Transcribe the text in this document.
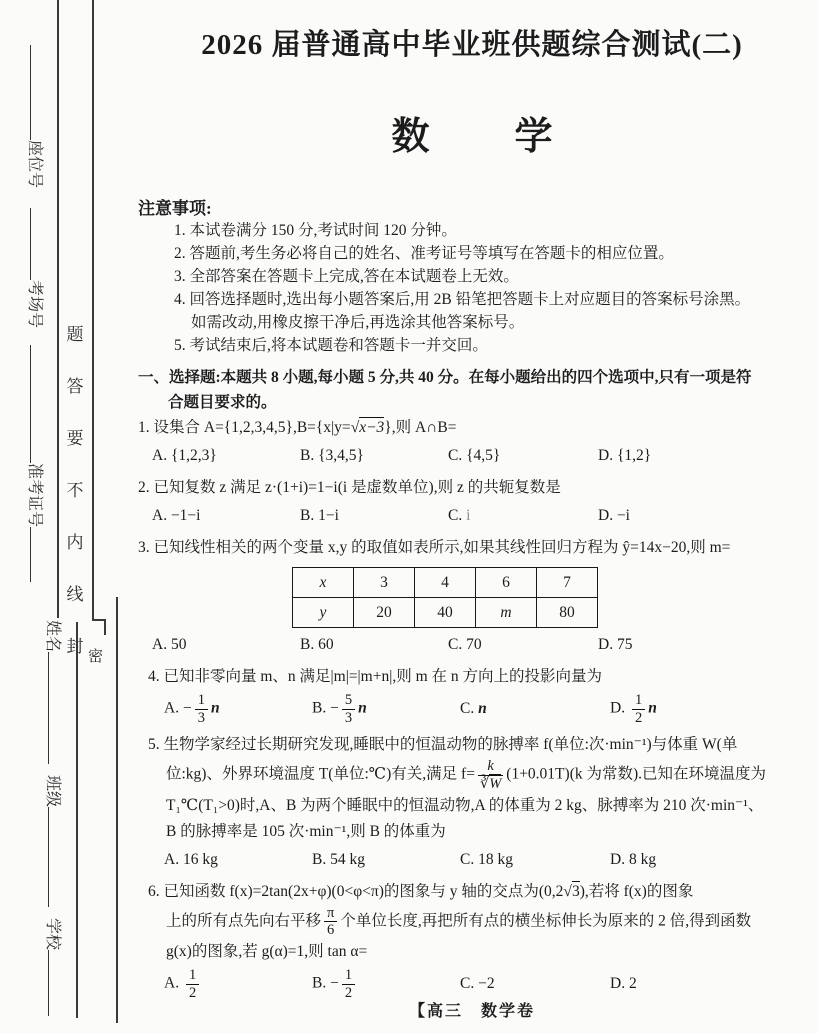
题
答
要
不
内
线
封
密
座位号
考场号
准考证号
姓名
班级
学校
2026 届普通高中毕业班供题综合测试(二)
数学
注意事项:
1. 本试卷满分 150 分,考试时间 120 分钟。
2. 答题前,考生务必将自己的姓名、准考证号等填写在答题卡的相应位置。
3. 全部答案在答题卡上完成,答在本试题卷上无效。
4. 回答选择题时,选出每小题答案后,用 2B 铅笔把答题卡上对应题目的答案标号涂黑。
如需改动,用橡皮擦干净后,再选涂其他答案标号。
5. 考试结束后,将本试题卷和答题卡一并交回。
一、选择题:本题共 8 小题,每小题 5 分,共 40 分。在每小题给出的四个选项中,只有一项是符
合题目要求的。
1. 设集合 A={1,2,3,4,5},B={x|y=√x−3},则 A∩B=
A. {1,2,3}	B. {3,4,5}	C. {4,5}	D. {1,2}
2. 已知复数 z 满足 z·(1+i)=1−i(i 是虚数单位),则 z 的共轭复数是
A. −1−i	B. 1−i	C. i	D. −i
3. 已知线性相关的两个变量 x,y 的取值如表所示,如果其线性回归方程为 ŷ=14x−20,则 m=
x	3	4	6	7
y	20	40	m	80
A. 50	B. 60	C. 70	D. 75
4. 已知非零向量 m、n 满足|m|=|m+n|,则 m 在 n 方向上的投影向量为
A. − $\frac{1}{3}$ n	B. − $\frac{5}{3}$ n	C. n	D. $\frac{1}{2}$ n
5. 生物学家经过长期研究发现,睡眠中的恒温动物的脉搏率 f(单位:次·min⁻¹)与体重 W(单
位:kg)、外界环境温度 T(单位:℃)有关,满足 $f= \frac{k}{∛W} (1+0.01T)(k$ 为常数).已知在环境温度为
T₁℃(T₁>0)时,A、B 为两个睡眠中的恒温动物,A 的体重为 2 kg、脉搏率为 210 次·min⁻¹、
B 的脉搏率是 105 次·min⁻¹,则 B 的体重为
A. 16 kg	B. 54 kg	C. 18 kg	D. 8 kg
6. 已知函数 f(x)=2tan(2x+φ)(0<φ<π)的图象与 y 轴的交点为(0,2√3),若将 f(x)的图象
上的所有点先向右平移 $\frac{\pi}{6}$ 个单位长度,再把所有点的横坐标伸长为原来的 2 倍,得到函数
g(x)的图象,若 g(α)=1,则 tan α=
A. $\frac{1}{2}$	B. − $\frac{1}{2}$	C. −2	D. 2
【高三　数学卷
